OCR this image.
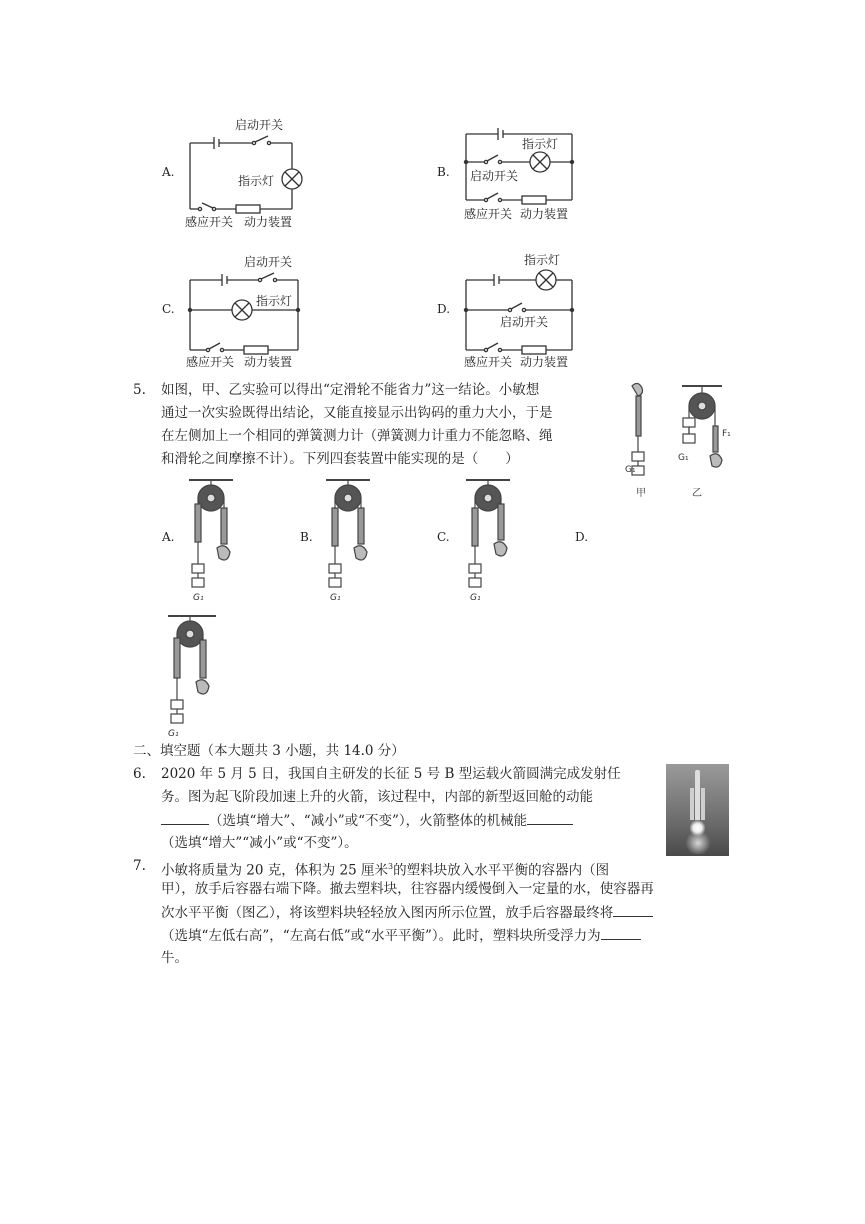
A.
启动开关
指示灯
感应开关 动力装置
B.
指示灯
启动开关
感应开关 动力装置
C.
启动开关
指示灯
感应开关 动力装置
D.
指示灯
启动开关
感应开关 动力装置
5. 如图，甲、乙实验可以得出“定滑轮不能省力”这一结论。小敏想
通过一次实验既得出结论，又能直接显示出钩码的重力大小，于是
在左侧加上一个相同的弹簧测力计（弹簧测力计重力不能忽略、绳
和滑轮之间摩擦不计）。下列四套装置中能实现的是（　　）
G₁
G₁
F₁
甲	乙
A.	B.	C.	D.
G₁	G₁	G₁
G₁
二、填空题（本大题共 3 小题，共 14.0 分）
6. 2020 年 5 月 5 日，我国自主研发的长征 5 号 B 型运载火箭圆满完成发射任
务。图为起飞阶段加速上升的火箭，该过程中，内部的新型返回舱的动能
（选填“增大”、“减小”或“不变”），火箭整体的机械能
（选填“增大”“减小”或“不变”）。
7. 小敏将质量为 20 克，体积为 25 厘米$^3$的塑料块放入水平平衡的容器内（图
甲），放手后容器右端下降。撤去塑料块，往容器内缓慢倒入一定量的水，使容器再
次水平平衡（图乙），将该塑料块轻轻放入图丙所示位置，放手后容器最终将
（选填“左低右高”，“左高右低”或“水平平衡”）。此时，塑料块所受浮力为
牛。
